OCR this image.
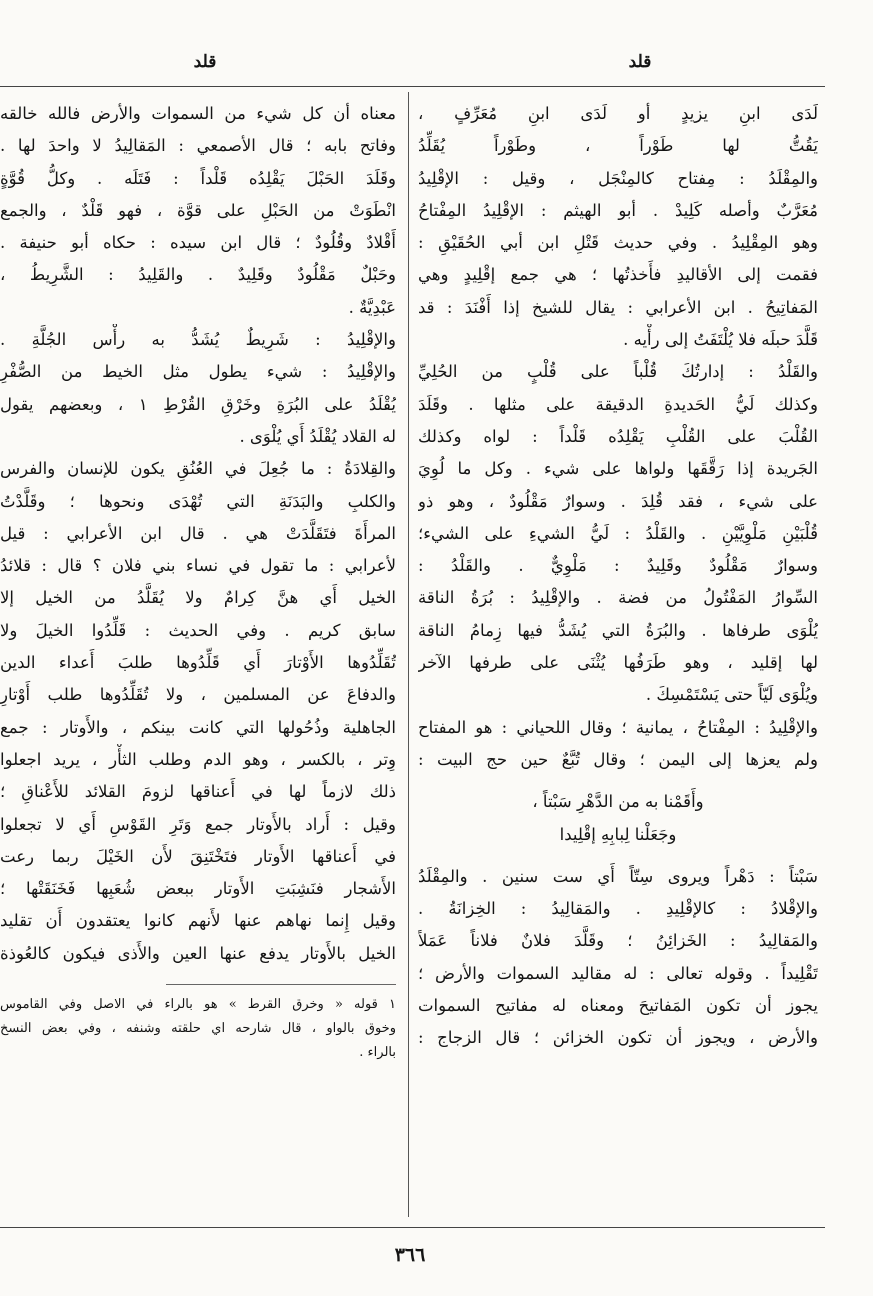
قلد
قلد
لَدَى ابنِ يزيدٍ أو لَدَى ابنِ مُعَرِّفٍ ،
يَقُتُّ لها طَوْراً ، وطَوْراً يُقَلِّدُ
والمِقْلَدُ : مِفتاح كالمِنْجَل ، وقيل : الإقْلِيدُ
مُعَرَّبٌ وأصله كَلِيدْ . أبو الهيثم : الإقْلِيدُ المِفْتاحُ
وهو المِقْلِيدُ . وفي حديث قَتْلِ ابن أبي الحُقَيْقِ :
فقمت إلى الأقاليدِ فأَخذتُها ؛ هي جمع إقْلِيدٍ وهي
المَفاتِيحُ . ابن الأعرابي : يقال للشيخ إذا أَفْنَدَ : قد
قَلَّدَ حبلَه فلا يُلْتَفَتُ إلى رأْيه .
والقَلْدُ : إدارتُكَ قُلْباً على قُلْبٍ من الحُلِيِّ
وكذلك لَيُّ الحَديدةِ الدقيقة على مثلها . وقَلَدَ
القُلْبَ على القُلْبِ يَقْلِدُه قَلْداً : لواه وكذلك
الجَريدة إذا رَقَّقَها ولواها على شيء . وكل ما لُوِيَ
على شيء ، فقد قُلِدَ . وسوارٌ مَقْلُودٌ ، وهو ذو
قُلْبَيْنِ مَلْوِيَّيْنِ . والقَلْدُ : لَيُّ الشيءِ على الشيء؛
وسوارٌ مَقْلُودٌ وقَلِيدٌ : مَلْوِيٌّ . والقَلْدُ :
السِّوارُ المَفْتُولُ من فضة . والإقْلِيدُ : بُرَةُ الناقة
يُلْوَى طرفاها . والبُرَةُ التي يُشَدُّ فيها زِمامُ الناقة
لها إقليد ، وهو طَرَفُها يُثْنَى على طرفها الآخر
ويُلْوَى لَيّاً حتى يَسْتَمْسِكَ .
والإقْلِيدُ : المِفْتاحُ ، يمانية ؛ وقال اللحياني : هو المفتاح
ولم يعزها إلى اليمن ؛ وقال تُبَّعٌ حين حج البيت :
وأَقَمْنا به من الدَّهْرِ سَبْتاً ،
وجَعَلْنا لِبابِهِ إقْلِيدا
سَبْتاً : دَهْراً ويروى سِتّاً أَي ست سنين . والمِقْلَدُ
والإقْلادُ : كالإقْلِيدِ . والمَقالِيدُ : الخِزانَةُ .
والمَقالِيدُ : الخَزائِنُ ؛ وقَلَّدَ فلانٌ فلاناً عَمَلاً
تَقْلِيداً . وقوله تعالى : له مقاليد السموات والأرض ؛
يجوز أن تكون المَفاتيحَ ومعناه له مفاتيح السموات
والأرض ، ويجوز أن تكون الخزائن ؛ قال الزجاج :
معناه أن كل شيء من السموات والأرض فالله خالقه
وفاتح بابه ؛ قال الأصمعي : المَقالِيدُ لا واحدَ لها .
وقَلَدَ الحَبْلَ يَقْلِدُه قَلْداً : فَتَلَه . وكلُّ قُوَّةٍ
انْطَوَتْ من الحَبْلِ على قوَّة ، فهو قَلْدٌ ، والجمع
أَقْلادٌ وقُلُودٌ ؛ قال ابن سيده : حكاه أبو حنيفة .
وحَبْلٌ مَقْلُودٌ وقَلِيدٌ . والقَلِيدُ : الشَّرِيطُ ،
عَبْدِيَّةٌ .
والإقْلِيدُ : شَرِيطٌ يُشَدُّ به رأْس الجُلَّةِ .
والإقْلِيدُ : شيء يطول مثل الخيط من الصُّفْرِ
يُقْلَدُ على البُرَةِ وخَرْقِ القُرْطِ ١ ، وبعضهم يقول
له القلاد يُقْلَدُ أَي يُلْوَى .
والقِلادَةُ : ما جُعِلَ في العُنُقِ يكون للإنسان والفرس
والكلبِ والبَدَنَةِ التي تُهْدَى ونحوها ؛ وقَلَّدْتُ
المرأَةَ فتَقَلَّدَتْ هي . قال ابن الأعرابي : قيل
لأعرابي : ما تقول في نساء بني فلان ؟ قال : قلائدُ
الخيل أَي هنَّ كِرامٌ ولا يُقَلَّدُ من الخيل إلا
سابق كريم . وفي الحديث : قَلِّدُوا الخيلَ ولا
تُقَلِّدُوها الأَوْتارَ أَي قَلِّدُوها طلبَ أَعداء الدين
والدفاعَ عن المسلمين ، ولا تُقَلِّدُوها طلب أَوْتارِ
الجاهلية وذُحُولها التي كانت بينكم ، والأَوتار : جمع
وِتر ، بالكسر ، وهو الدم وطلب الثأْر ، يريد اجعلوا
ذلك لازماً لها في أَعناقها لزومَ القلائد للأَعْناقِ ؛
وقيل : أَراد بالأَوتار جمع وَتَرِ القَوْسِ أَي لا تجعلوا
في أَعناقها الأَوتار فتَخْتَنِقَ لأَن الخَيْلَ ربما رعت
الأَشجار فنَشِبَتِ الأَوتار ببعض شُعَبِها فَخَنَقَتْها ؛
وقيل إِنما نهاهم عنها لأَنهم كانوا يعتقدون أَن تقليد
الخيل بالأَوتار يدفع عنها العين والأَذى فيكون كالعُوذة
١ قوله « وخرق القرط » هو بالراء في الاصل وفي القاموس
وخوق بالواو ، قال شارحه اي حلقته وشنفه ، وفي بعض النسخ
بالراء .
٣٦٦
